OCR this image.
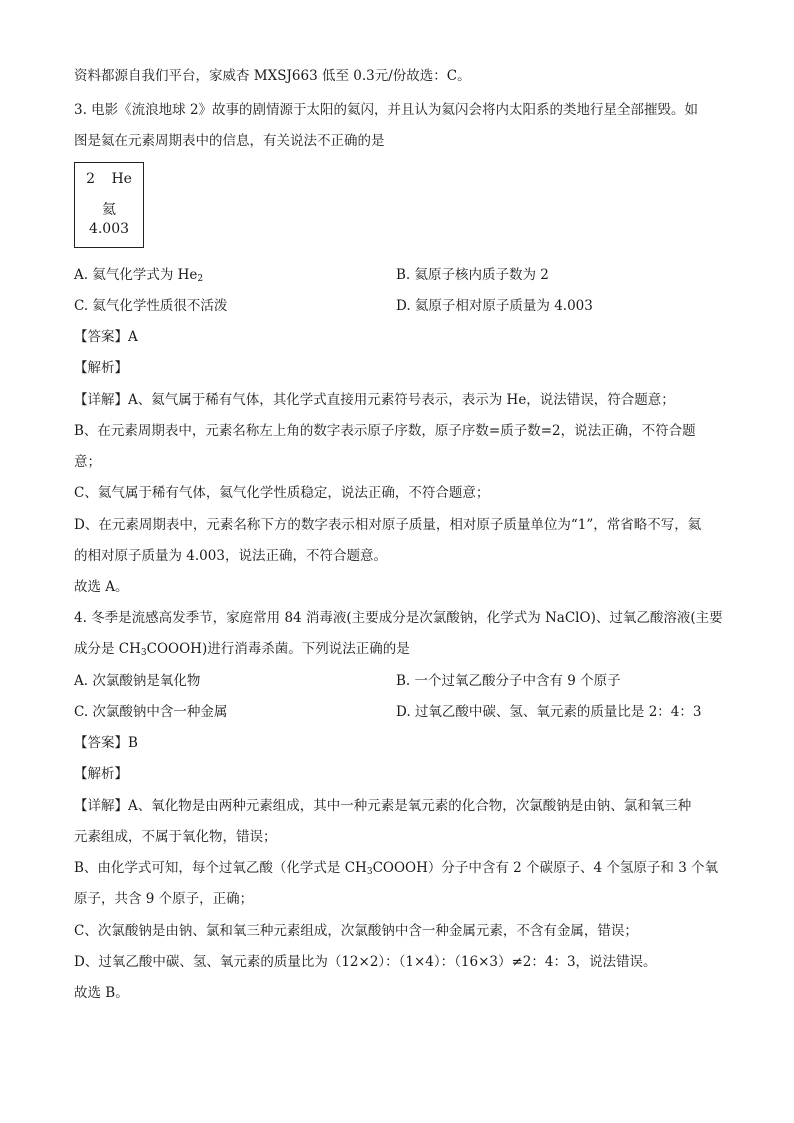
资料都源自我们平台，家威杏 MXSJ663 低至 0.3元/份故选：C。
3. 电影《流浪地球 2》故事的剧情源于太阳的氦闪，并且认为氦闪会将内太阳系的类地行星全部摧毁。如
图是氦在元素周期表中的信息，有关说法不正确的是
2 He
氦
4.003
A. 氦气化学式为 $He_2$	B. 氦原子核内质子数为 2
C. 氦气化学性质很不活泼	D. 氦原子相对原子质量为 4.003
【答案】A
【解析】
【详解】A、氦气属于稀有气体，其化学式直接用元素符号表示，表示为 He，说法错误，符合题意；
B、在元素周期表中，元素名称左上角的数字表示原子序数，原子序数=质子数=2，说法正确，不符合题
意；
C、氦气属于稀有气体，氦气化学性质稳定，说法正确，不符合题意；
D、在元素周期表中，元素名称下方的数字表示相对原子质量，相对原子质量单位为“1”，常省略不写，氦
的相对原子质量为 4.003，说法正确，不符合题意。
故选 A。
4. 冬季是流感高发季节，家庭常用 84 消毒液(主要成分是次氯酸钠，化学式为 NaClO)、过氧乙酸溶液(主要
成分是 $CH_3COOOH$)进行消毒杀菌。下列说法正确的是
A. 次氯酸钠是氧化物	B. 一个过氧乙酸分子中含有 9 个原子
C. 次氯酸钠中含一种金属	D. 过氧乙酸中碳、氢、氧元素的质量比是 2：4：3
【答案】B
【解析】
【详解】A、氧化物是由两种元素组成，其中一种元素是氧元素的化合物，次氯酸钠是由钠、氯和氧三种
元素组成，不属于氧化物，错误；
B、由化学式可知，每个过氧乙酸（化学式是 $CH_3COOOH$）分子中含有 2 个碳原子、4 个氢原子和 3 个氧
原子，共含 9 个原子，正确；
C、次氯酸钠是由钠、氯和氧三种元素组成，次氯酸钠中含一种金属元素，不含有金属，错误；
D、过氧乙酸中碳、氢、氧元素的质量比为（12×2）：（1×4）：（16×3）≠2：4：3，说法错误。
故选 B。
